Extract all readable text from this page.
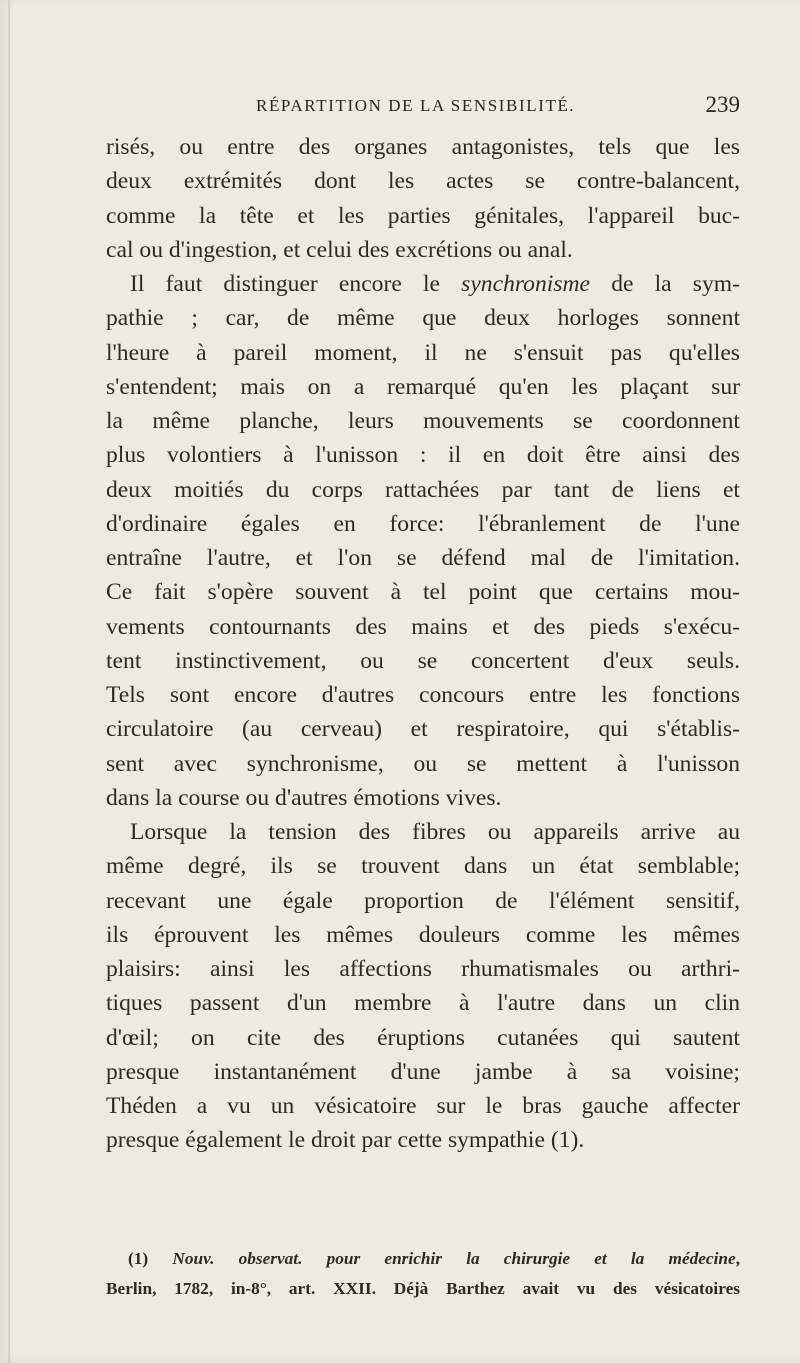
RÉPARTITION DE LA SENSIBILITÉ.	239
risés, ou entre des organes antagonistes, tels que les
deux extrémités dont les actes se contre-balancent,
comme la tête et les parties génitales, l'appareil buc-
cal ou d'ingestion, et celui des excrétions ou anal.
Il faut distinguer encore le synchronisme de la sym-
pathie ; car, de même que deux horloges sonnent
l'heure à pareil moment, il ne s'ensuit pas qu'elles
s'entendent; mais on a remarqué qu'en les plaçant sur
la même planche, leurs mouvements se coordonnent
plus volontiers à l'unisson : il en doit être ainsi des
deux moitiés du corps rattachées par tant de liens et
d'ordinaire égales en force: l'ébranlement de l'une
entraîne l'autre, et l'on se défend mal de l'imitation.
Ce fait s'opère souvent à tel point que certains mou-
vements contournants des mains et des pieds s'exécu-
tent instinctivement, ou se concertent d'eux seuls.
Tels sont encore d'autres concours entre les fonctions
circulatoire (au cerveau) et respiratoire, qui s'établis-
sent avec synchronisme, ou se mettent à l'unisson
dans la course ou d'autres émotions vives.
Lorsque la tension des fibres ou appareils arrive au
même degré, ils se trouvent dans un état semblable;
recevant une égale proportion de l'élément sensitif,
ils éprouvent les mêmes douleurs comme les mêmes
plaisirs: ainsi les affections rhumatismales ou arthri-
tiques passent d'un membre à l'autre dans un clin
d'œil; on cite des éruptions cutanées qui sautent
presque instantanément d'une jambe à sa voisine;
Théden a vu un vésicatoire sur le bras gauche affecter
presque également le droit par cette sympathie (1).
(1) Nouv. observat. pour enrichir la chirurgie et la médecine,
Berlin, 1782, in-8°, art. XXII. Déjà Barthez avait vu des vésicatoires
